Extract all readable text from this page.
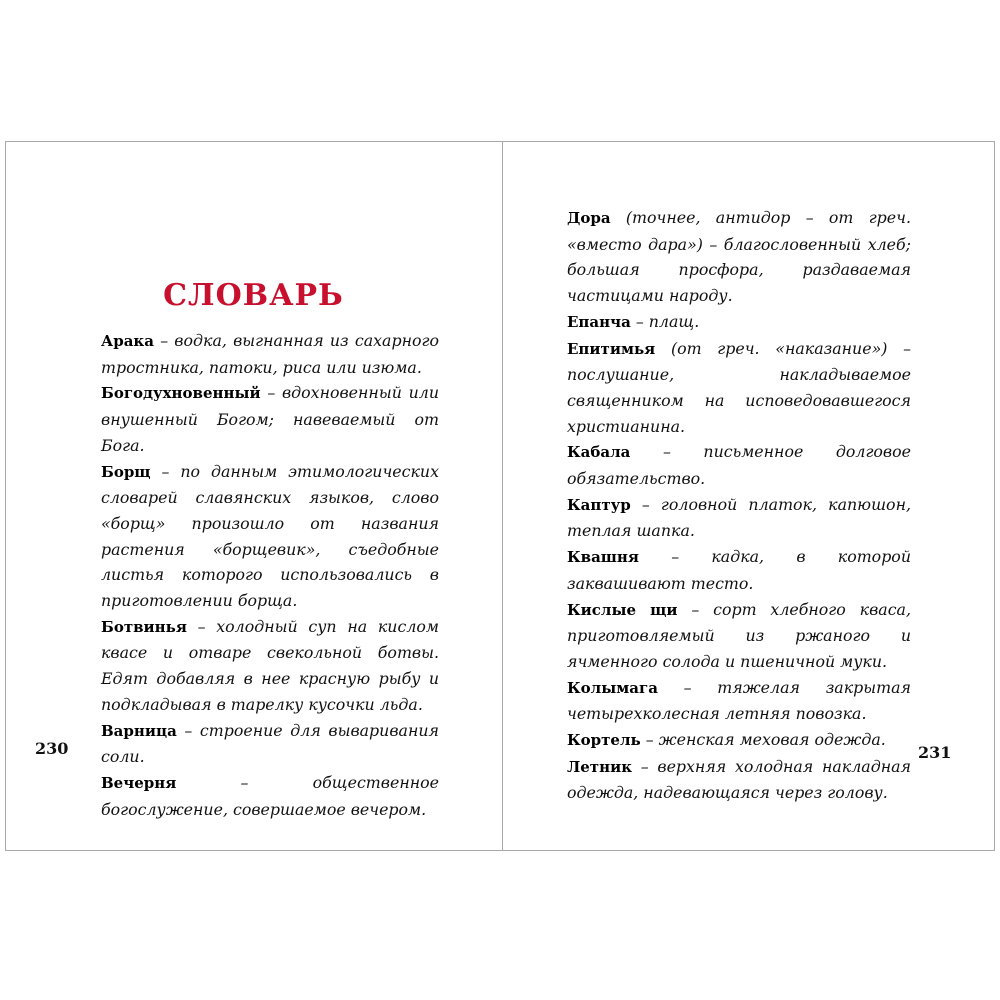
СЛОВАРЬ

Арака – водка, выгнанная из сахарного тростника, патоки, риса или изюма.

Богодухновенный – вдохновенный или внушенный Богом; навеваемый от Бога.

Борщ – по данным этимологических словарей славянских языков, слово «борщ» произошло от названия растения «борщевик», съедобные листья которого использовались в приготовлении борща.

Ботвинья – холодный суп на кислом квасе и отваре свекольной ботвы. Едят добавляя в нее красную рыбу и подкладывая в тарелку кусочки льда.

Варница – строение для вываривания соли.

Вечерня – общественное богослужение, совершаемое вечером.

230

Дора (точнее, антидор – от греч. «вместо дара») – благословенный хлеб; большая просфора, раздаваемая частицами народу.

Епанча – плащ.

Епитимья (от греч. «наказание») – послушание, накладываемое священником на исповедовавшегося христианина.

Кабала – письменное долговое обязательство.

Каптур – головной платок, капюшон, теплая шапка.

Квашня – кадка, в которой заквашивают тесто.

Кислые щи – сорт хлебного кваса, приготовляемый из ржаного и ячменного солода и пшеничной муки.

Колымага – тяжелая закрытая четырехколесная летняя повозка.

Кортель – женская меховая одежда.

Летник – верхняя холодная накладная одежда, надевающаяся через голову.

231
